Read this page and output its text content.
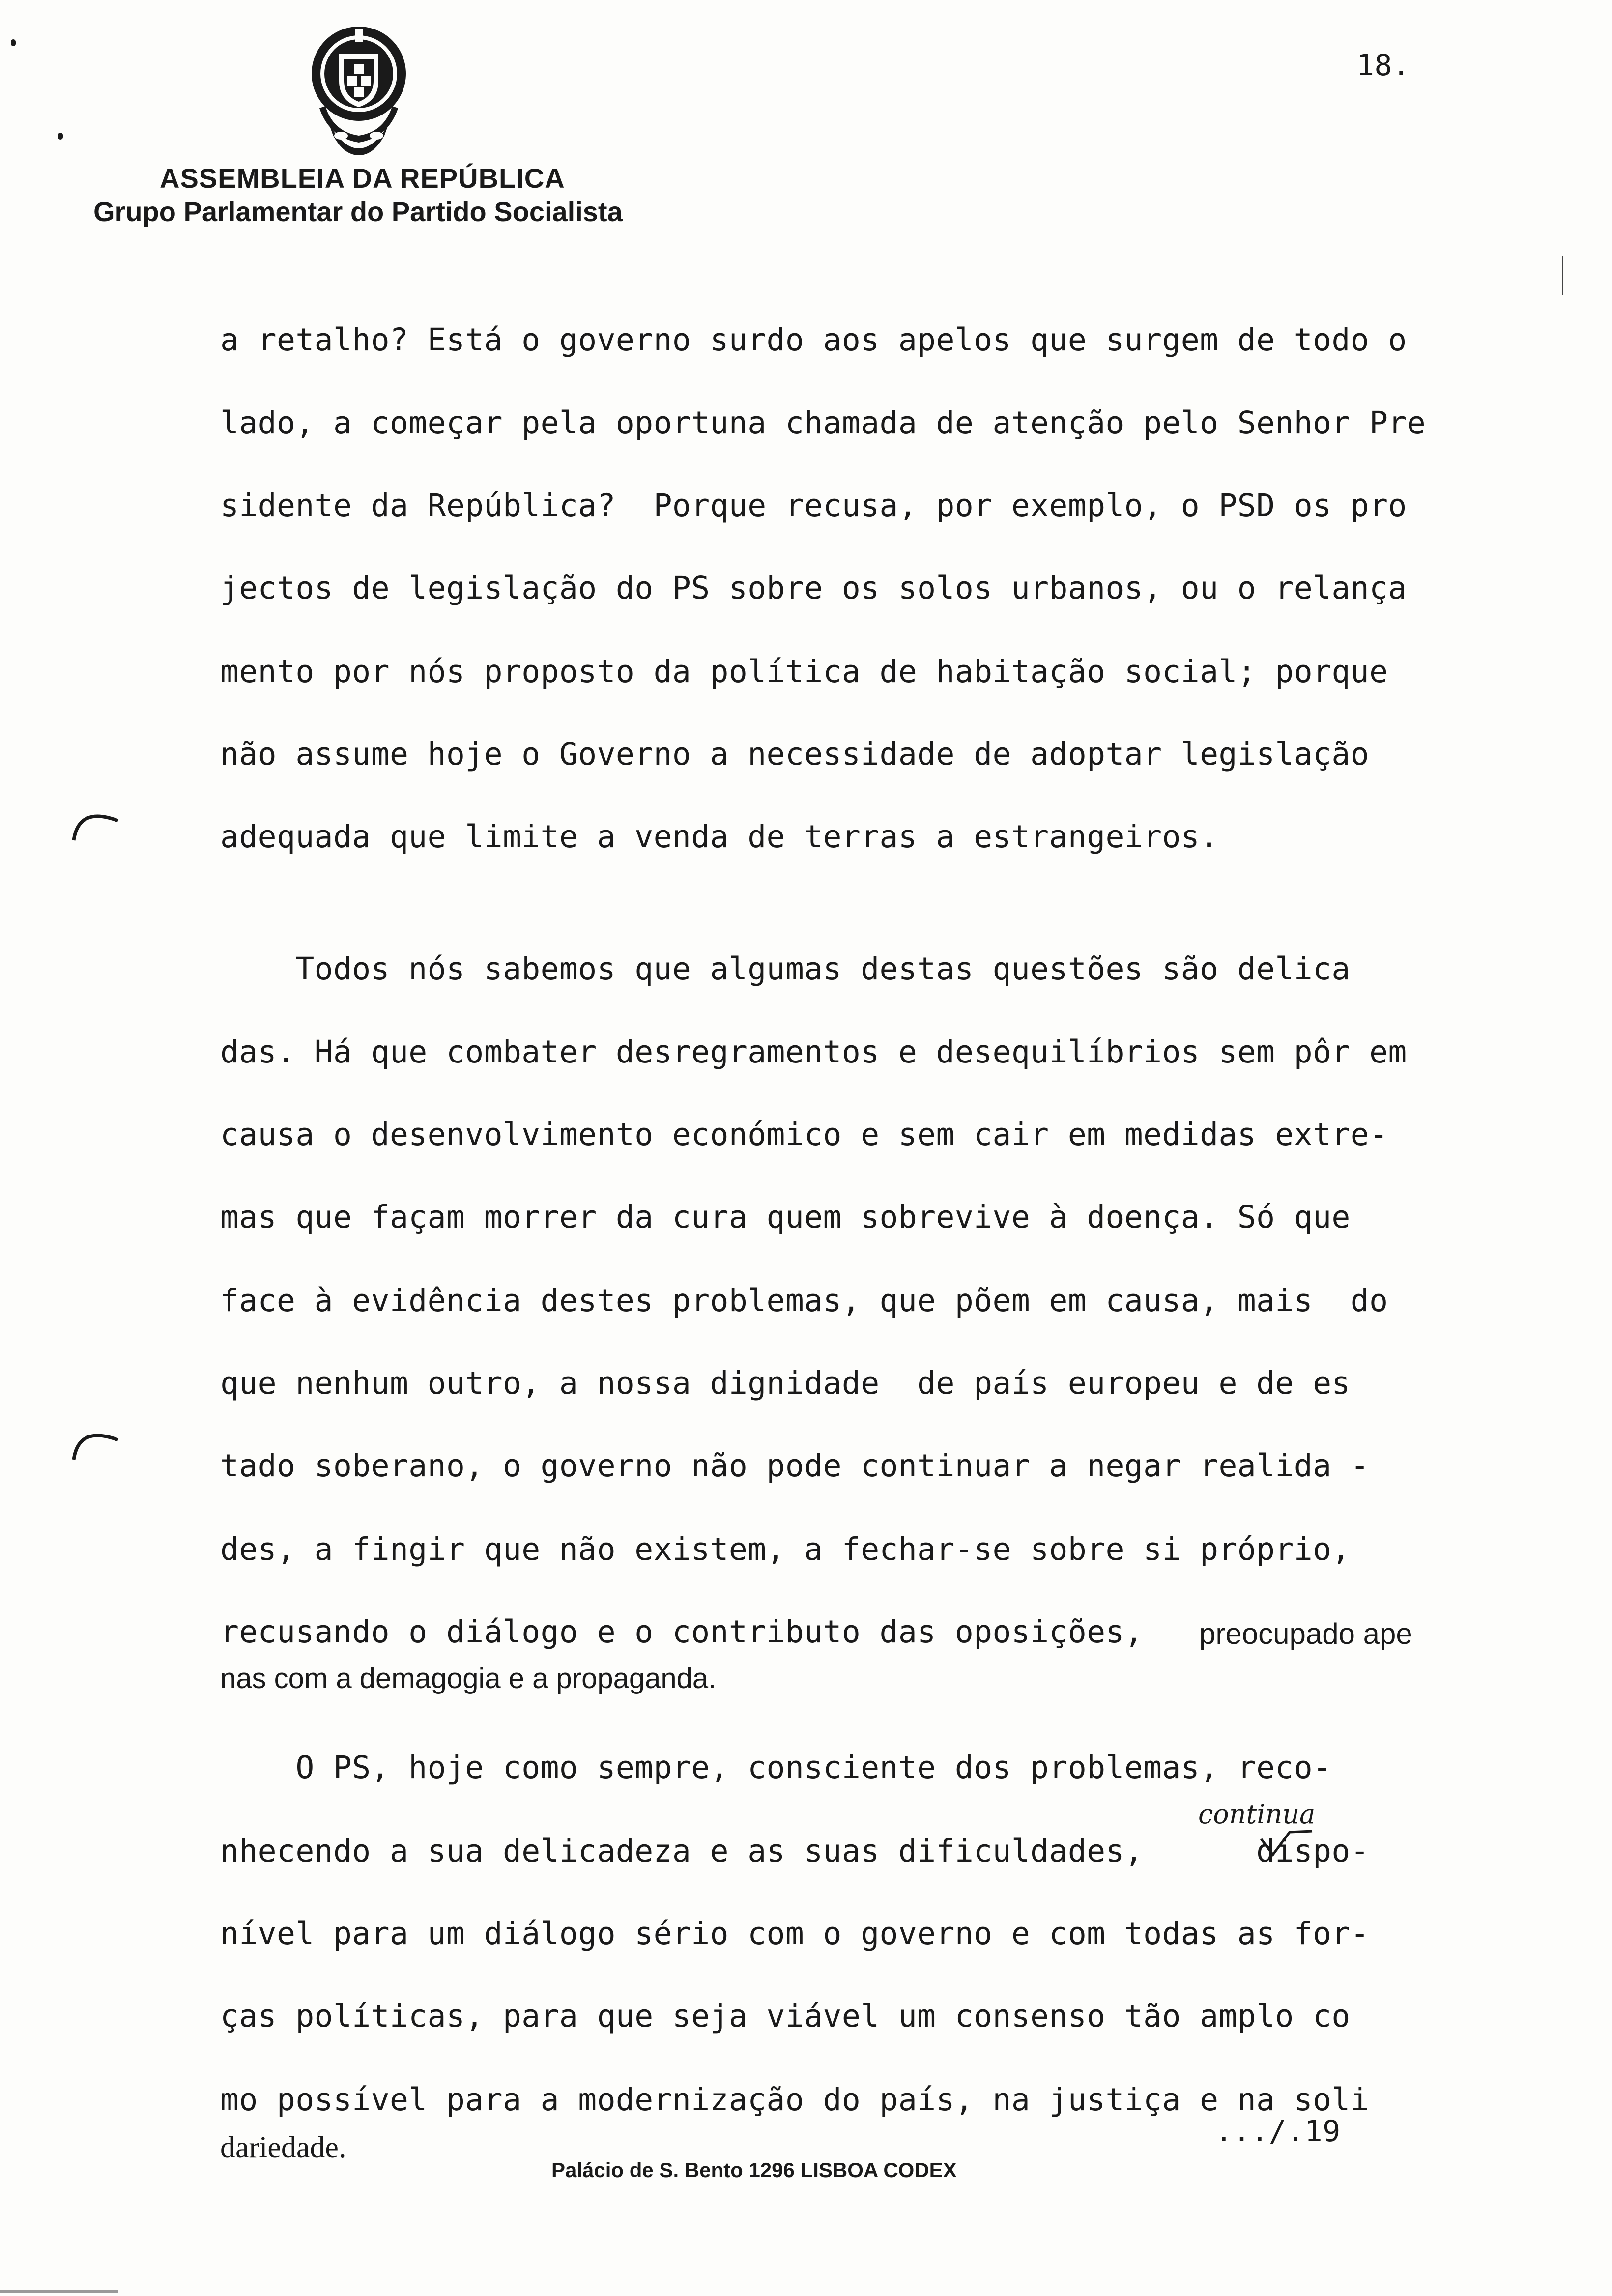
ASSEMBLEIA DA REPÚBLICA
Grupo Parlamentar do Partido Socialista
18.
a retalho? Está o governo surdo aos apelos que surgem de todo o
lado, a começar pela oportuna chamada de atenção pelo Senhor Pre
sidente da República?  Porque recusa, por exemplo, o PSD os pro
jectos de legislação do PS sobre os solos urbanos, ou o relança
mento por nós proposto da política de habitação social; porque
não assume hoje o Governo a necessidade de adoptar legislação
adequada que limite a venda de terras a estrangeiros.
Todos nós sabemos que algumas destas questões são delica
das. Há que combater desregramentos e desequilíbrios sem pôr em
causa o desenvolvimento económico e sem cair em medidas extre-
mas que façam morrer da cura quem sobrevive à doença. Só que
face à evidência destes problemas, que põem em causa, mais  do
que nenhum outro, a nossa dignidade  de país europeu e de es
tado soberano, o governo não pode continuar a negar realida -
des, a fingir que não existem, a fechar-se sobre si próprio,
recusando o diálogo e o contributo das oposições, preocupado ape
nas com a demagogia e a propaganda.
O PS, hoje como sempre, consciente dos problemas, reco-
continua
nhecendo a sua delicadeza e as suas dificuldades,      dispo-
nível para um diálogo sério com o governo e com todas as for-
ças políticas, para que seja viável um consenso tão amplo co
mo possível para a modernização do país, na justiça e na soli
dariedade.	.../.19
Palácio de S. Bento 1296 LISBOA CODEX
